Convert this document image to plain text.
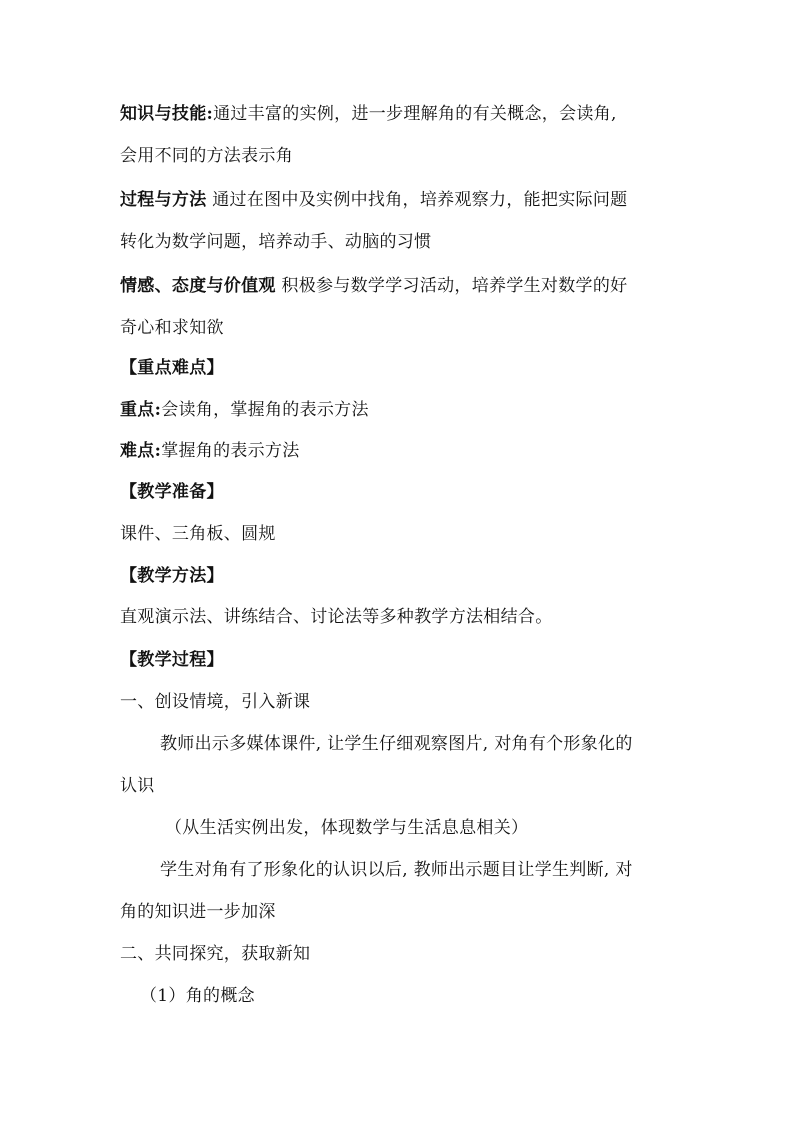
知识与技能:通过丰富的实例，进一步理解角的有关概念，会读角,
会用不同的方法表示角
过程与方法 通过在图中及实例中找角，培养观察力，能把实际问题
转化为数学问题，培养动手、动脑的习惯
情感、态度与价值观 积极参与数学学习活动，培养学生对数学的好
奇心和求知欲
【重点难点】
重点:会读角，掌握角的表示方法
难点:掌握角的表示方法
【教学准备】
课件、三角板、圆规
【教学方法】
直观演示法、讲练结合、讨论法等多种教学方法相结合。
【教学过程】
一、创设情境，引入新课
教师出示多媒体课件, 让学生仔细观察图片, 对角有个形象化的
认识
（从生活实例出发，体现数学与生活息息相关）
学生对角有了形象化的认识以后, 教师出示题目让学生判断, 对
角的知识进一步加深
二、共同探究，获取新知
（1）角的概念
